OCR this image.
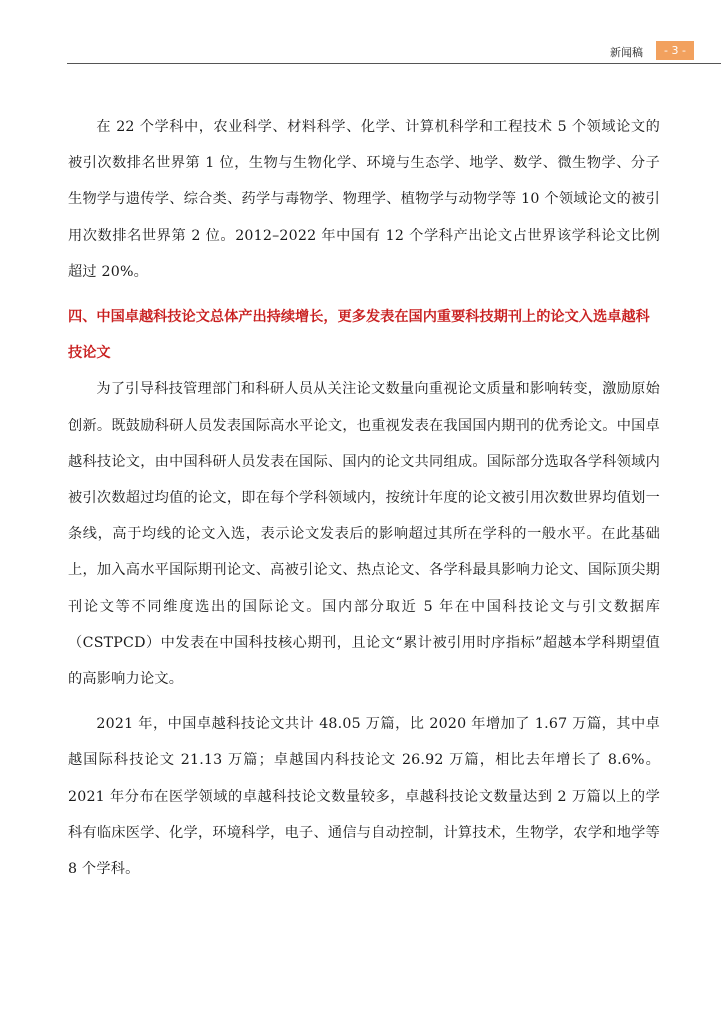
新闻稿	- 3 -

在 22 个学科中，农业科学、材料科学、化学、计算机科学和工程技术 5 个领域论文的被引次数排名世界第 1 位，生物与生物化学、环境与生态学、地学、数学、微生物学、分子生物学与遗传学、综合类、药学与毒物学、物理学、植物学与动物学等 10 个领域论文的被引用次数排名世界第 2 位。2012–2022 年中国有 12 个学科产出论文占世界该学科论文比例超过 20%。

四、中国卓越科技论文总体产出持续增长，更多发表在国内重要科技期刊上的论文入选卓越科技论文

为了引导科技管理部门和科研人员从关注论文数量向重视论文质量和影响转变，激励原始创新。既鼓励科研人员发表国际高水平论文，也重视发表在我国国内期刊的优秀论文。中国卓越科技论文，由中国科研人员发表在国际、国内的论文共同组成。国际部分选取各学科领域内被引次数超过均值的论文，即在每个学科领域内，按统计年度的论文被引用次数世界均值划一条线，高于均线的论文入选，表示论文发表后的影响超过其所在学科的一般水平。在此基础上，加入高水平国际期刊论文、高被引论文、热点论文、各学科最具影响力论文、国际顶尖期刊论文等不同维度选出的国际论文。国内部分取近 5 年在中国科技论文与引文数据库（CSTPCD）中发表在中国科技核心期刊，且论文“累计被引用时序指标”超越本学科期望值的高影响力论文。

2021 年，中国卓越科技论文共计 48.05 万篇，比 2020 年增加了 1.67 万篇，其中卓越国际科技论文 21.13 万篇；卓越国内科技论文 26.92 万篇，相比去年增长了 8.6%。2021 年分布在医学领域的卓越科技论文数量较多，卓越科技论文数量达到 2 万篇以上的学科有临床医学、化学，环境科学，电子、通信与自动控制，计算技术，生物学，农学和地学等 8 个学科。
